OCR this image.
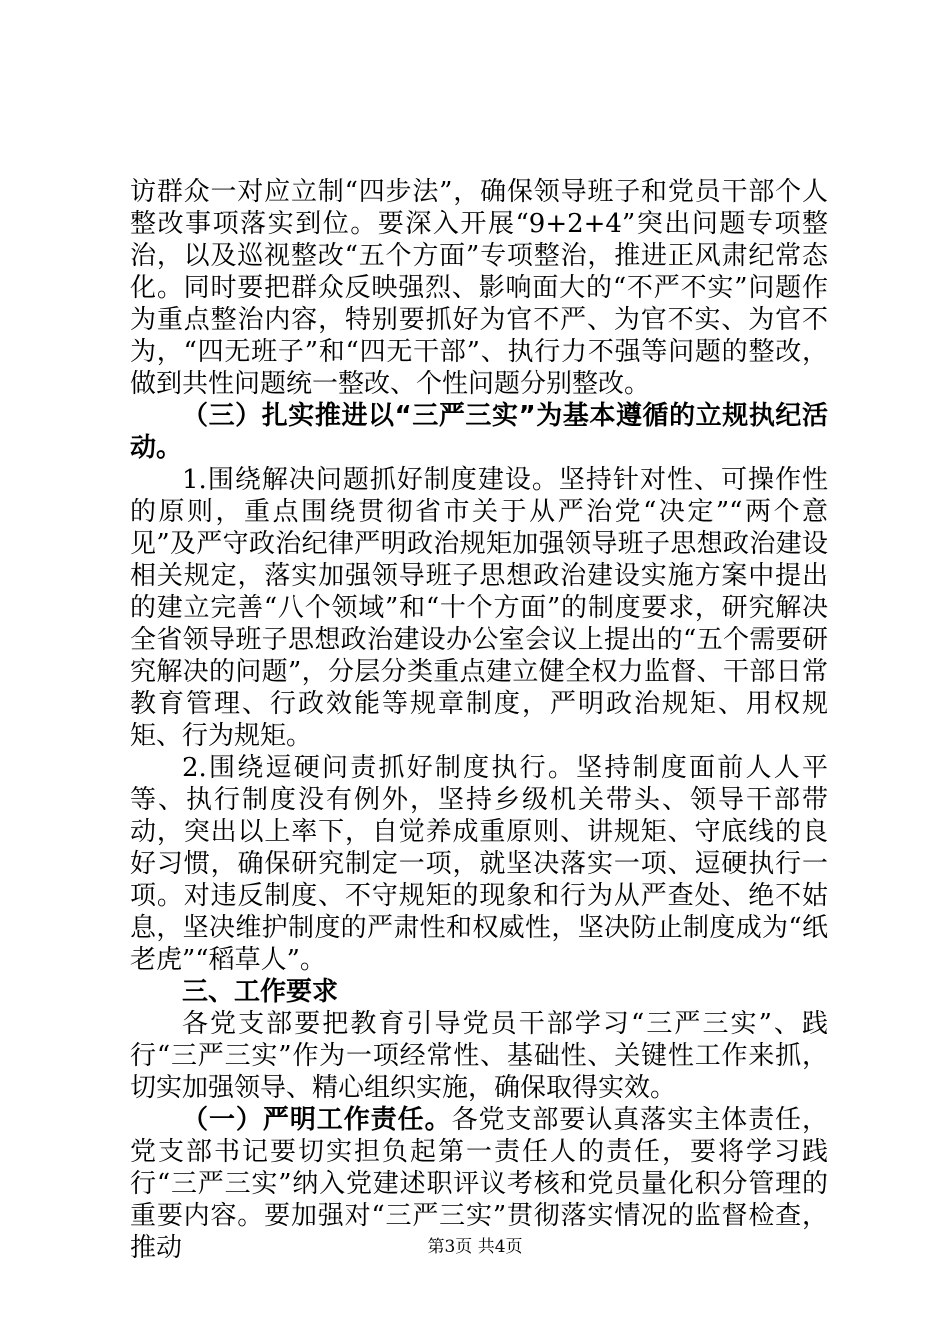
访群众一对应立制“四步法”，确保领导班子和党员干部个人整改事项落实到位。要深入开展“9+2+4”突出问题专项整治，以及巡视整改“五个方面”专项整治，推进正风肃纪常态化。同时要把群众反映强烈、影响面大的“不严不实”问题作为重点整治内容，特别要抓好为官不严、为官不实、为官不为，“四无班子”和“四无干部”、执行力不强等问题的整改，做到共性问题统一整改、个性问题分别整改。

（三）扎实推进以“三严三实”为基本遵循的立规执纪活动。

1.围绕解决问题抓好制度建设。坚持针对性、可操作性的原则，重点围绕贯彻省市关于从严治党“决定”“两个意见”及严守政治纪律严明政治规矩加强领导班子思想政治建设相关规定，落实加强领导班子思想政治建设实施方案中提出的建立完善“八个领域”和“十个方面”的制度要求，研究解决全省领导班子思想政治建设办公室会议上提出的“五个需要研究解决的问题”，分层分类重点建立健全权力监督、干部日常教育管理、行政效能等规章制度，严明政治规矩、用权规矩、行为规矩。

2.围绕逗硬问责抓好制度执行。坚持制度面前人人平等、执行制度没有例外，坚持乡级机关带头、领导干部带动，突出以上率下，自觉养成重原则、讲规矩、守底线的良好习惯，确保研究制定一项，就坚决落实一项、逗硬执行一项。对违反制度、不守规矩的现象和行为从严查处、绝不姑息，坚决维护制度的严肃性和权威性，坚决防止制度成为“纸老虎”“稻草人”。

三、工作要求

各党支部要把教育引导党员干部学习“三严三实”、践行“三严三实”作为一项经常性、基础性、关键性工作来抓，切实加强领导、精心组织实施，确保取得实效。

（一）严明工作责任。各党支部要认真落实主体责任，党支部书记要切实担负起第一责任人的责任，要将学习践行“三严三实”纳入党建述职评议考核和党员量化积分管理的重要内容。要加强对“三严三实”贯彻落实情况的监督检查，推动	第3页 共4页
